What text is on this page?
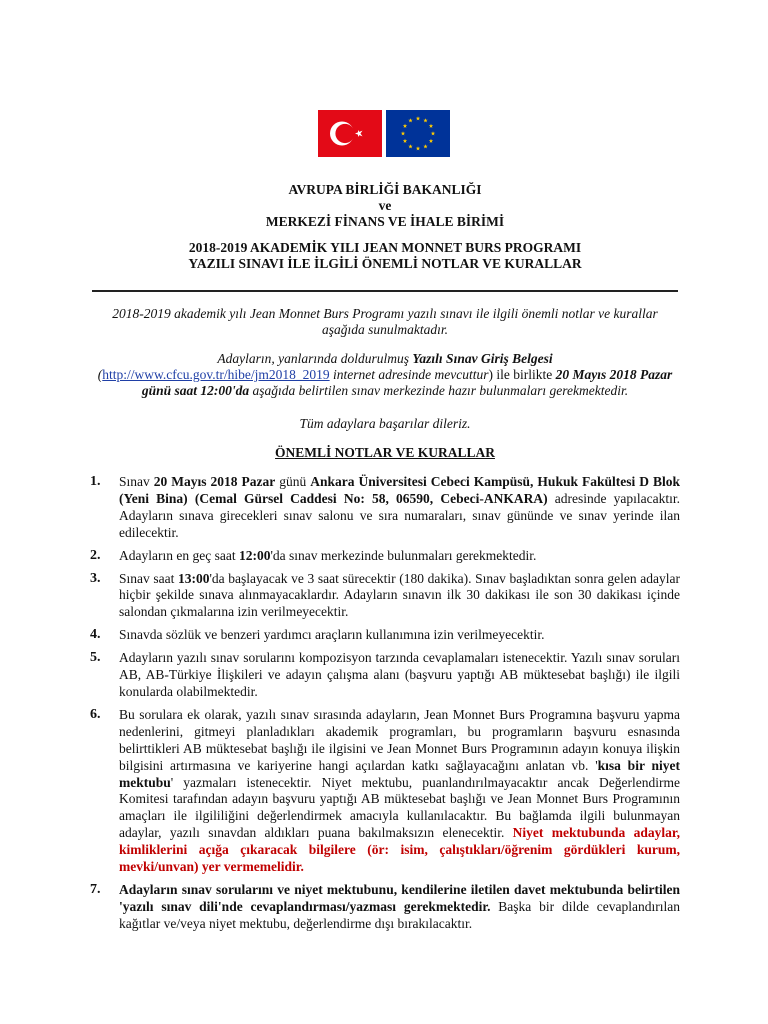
AVRUPA BİRLİĞİ BAKANLIĞI
ve
MERKEZİ FİNANS VE İHALE BİRİMİ
2018-2019 AKADEMİK YILI JEAN MONNET BURS PROGRAMI
YAZILI SINAVI İLE İLGİLİ ÖNEMLİ NOTLAR VE KURALLAR
2018-2019 akademik yılı Jean Monnet Burs Programı yazılı sınavı ile ilgili önemli notlar ve kurallar aşağıda sunulmaktadır.
Adayların, yanlarında doldurulmuş Yazılı Sınav Giriş Belgesi
(http://www.cfcu.gov.tr/hibe/jm2018_2019 internet adresinde mevcuttur) ile birlikte 20 Mayıs 2018 Pazar günü saat 12:00'da aşağıda belirtilen sınav merkezinde hazır bulunmaları gerekmektedir.
Tüm adaylara başarılar dileriz.
ÖNEMLİ NOTLAR VE KURALLAR
1. Sınav 20 Mayıs 2018 Pazar günü Ankara Üniversitesi Cebeci Kampüsü, Hukuk Fakültesi D Blok (Yeni Bina) (Cemal Gürsel Caddesi No: 58, 06590, Cebeci-ANKARA) adresinde yapılacaktır. Adayların sınava girecekleri sınav salonu ve sıra numaraları, sınav gününde ve sınav yerinde ilan edilecektir.
2. Adayların en geç saat 12:00'da sınav merkezinde bulunmaları gerekmektedir.
3. Sınav saat 13:00'da başlayacak ve 3 saat sürecektir (180 dakika). Sınav başladıktan sonra gelen adaylar hiçbir şekilde sınava alınmayacaklardır. Adayların sınavın ilk 30 dakikası ile son 30 dakikası içinde salondan çıkmalarına izin verilmeyecektir.
4. Sınavda sözlük ve benzeri yardımcı araçların kullanımına izin verilmeyecektir.
5. Adayların yazılı sınav sorularını kompozisyon tarzında cevaplamaları istenecektir. Yazılı sınav soruları AB, AB-Türkiye İlişkileri ve adayın çalışma alanı (başvuru yaptığı AB müktesebat başlığı) ile ilgili konularda olabilmektedir.
6. Bu sorulara ek olarak, yazılı sınav sırasında adayların, Jean Monnet Burs Programına başvuru yapma nedenlerini, gitmeyi planladıkları akademik programları, bu programların başvuru esnasında belirttikleri AB müktesebat başlığı ile ilgisini ve Jean Monnet Burs Programının adayın konuya ilişkin bilgisini artırmasına ve kariyerine hangi açılardan katkı sağlayacağını anlatan vb. 'kısa bir niyet mektubu' yazmaları istenecektir. Niyet mektubu, puanlandırılmayacaktır ancak Değerlendirme Komitesi tarafından adayın başvuru yaptığı AB müktesebat başlığı ve Jean Monnet Burs Programının amaçları ile ilgililiğini değerlendirmek amacıyla kullanılacaktır. Bu bağlamda ilgili bulunmayan adaylar, yazılı sınavdan aldıkları puana bakılmaksızın elenecektir. Niyet mektubunda adaylar, kimliklerini açığa çıkaracak bilgilere (ör: isim, çalıştıkları/öğrenim gördükleri kurum, mevki/unvan) yer vermemelidir.
7. Adayların sınav sorularını ve niyet mektubunu, kendilerine iletilen davet mektubunda belirtilen 'yazılı sınav dili'nde cevaplandırması/yazması gerekmektedir. Başka bir dilde cevaplandırılan kağıtlar ve/veya niyet mektubu, değerlendirme dışı bırakılacaktır.
